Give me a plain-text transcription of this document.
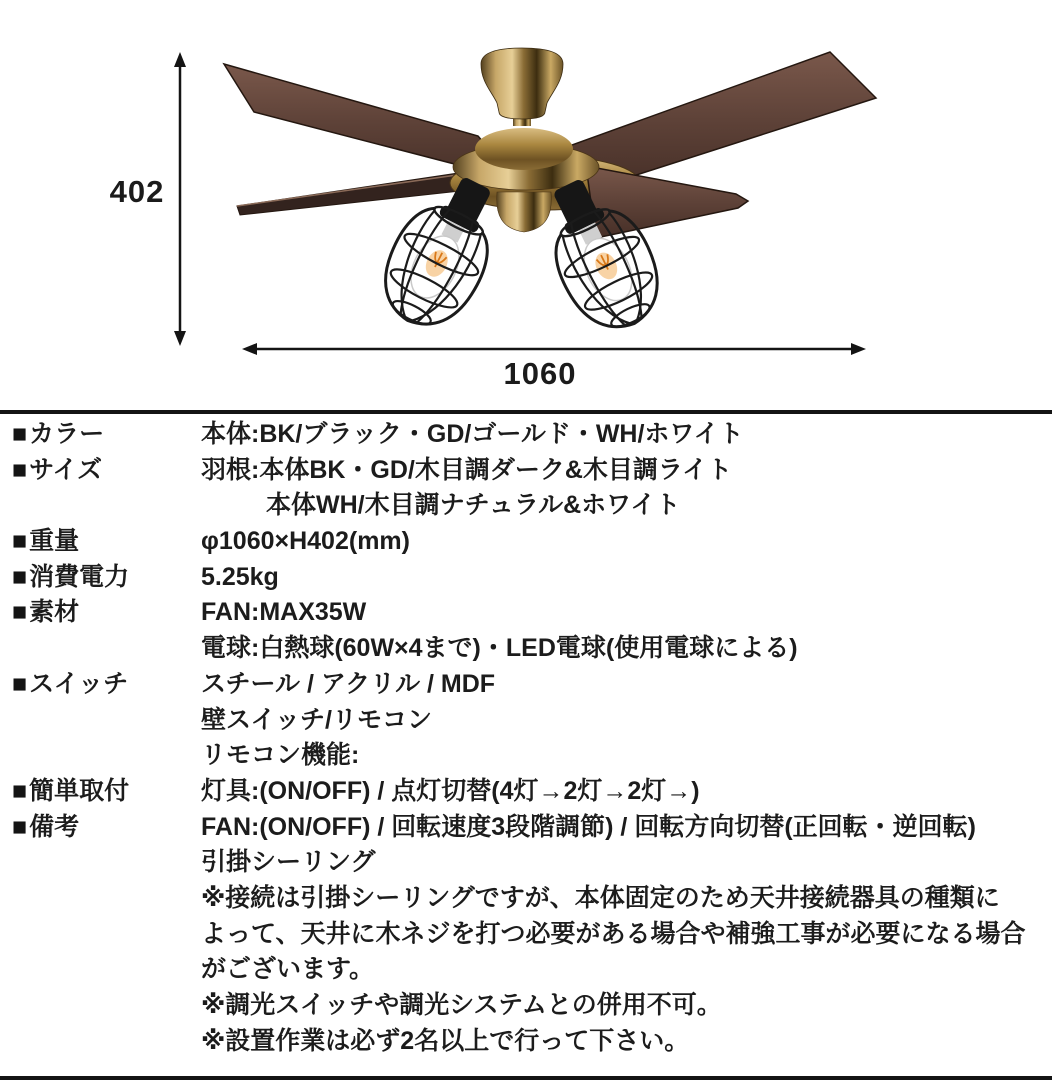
402
1060
■カラー	本体:BK/ブラック・GD/ゴールド・WH/ホワイト
■サイズ	羽根:本体BK・GD/木目調ダーク&木目調ライト
本体WH/木目調ナチュラル&ホワイト
■重量	φ1060×H402(mm)
■消費電力	5.25kg
■素材	FAN:MAX35W
電球:白熱球(60W×4まで)・LED電球(使用電球による)
■スイッチ	スチール / アクリル / MDF
壁スイッチ/リモコン
リモコン機能:
■簡単取付	灯具:(ON/OFF) / 点灯切替(4灯→2灯→2灯→)
■備考	FAN:(ON/OFF) / 回転速度3段階調節) / 回転方向切替(正回転・逆回転)
引掛シーリング
※接続は引掛シーリングですが、本体固定のため天井接続器具の種類に
よって、天井に木ネジを打つ必要がある場合や補強工事が必要になる場合
がございます。
※調光スイッチや調光システムとの併用不可。
※設置作業は必ず2名以上で行って下さい。
